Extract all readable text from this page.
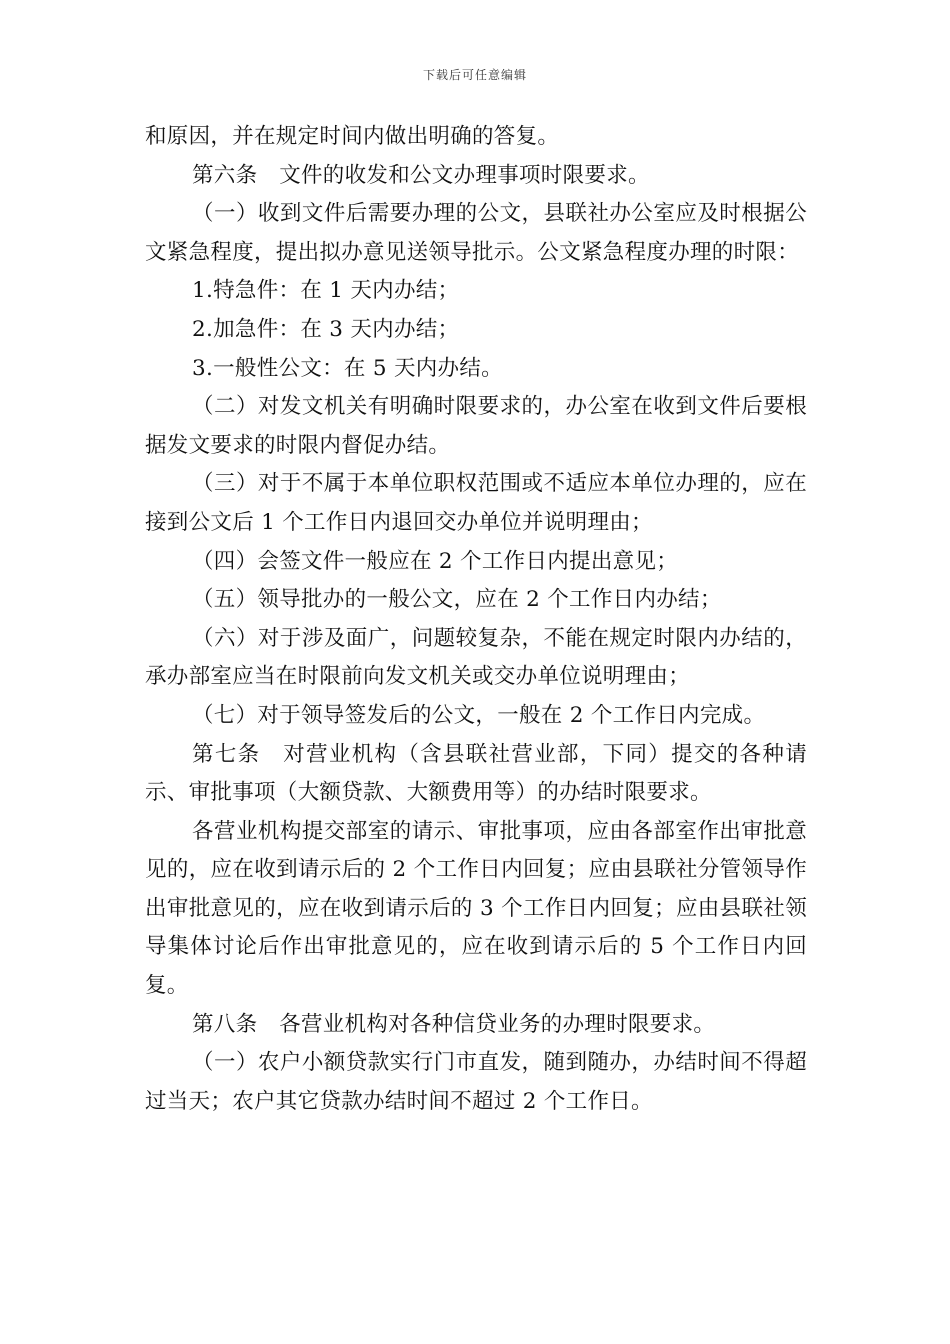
下载后可任意编辑

和原因，并在规定时间内做出明确的答复。

第六条　文件的收发和公文办理事项时限要求。

（一）收到文件后需要办理的公文，县联社办公室应及时根据公文紧急程度，提出拟办意见送领导批示。公文紧急程度办理的时限：

1.特急件：在 1 天内办结；

2.加急件：在 3 天内办结；

3.一般性公文：在 5 天内办结。

（二）对发文机关有明确时限要求的，办公室在收到文件后要根据发文要求的时限内督促办结。

（三）对于不属于本单位职权范围或不适应本单位办理的，应在接到公文后 1 个工作日内退回交办单位并说明理由；

（四）会签文件一般应在 2 个工作日内提出意见；

（五）领导批办的一般公文，应在 2 个工作日内办结；

（六）对于涉及面广，问题较复杂，不能在规定时限内办结的，承办部室应当在时限前向发文机关或交办单位说明理由；

（七）对于领导签发后的公文，一般在 2 个工作日内完成。

第七条　对营业机构（含县联社营业部，下同）提交的各种请示、审批事项（大额贷款、大额费用等）的办结时限要求。

各营业机构提交部室的请示、审批事项，应由各部室作出审批意见的，应在收到请示后的 2 个工作日内回复；应由县联社分管领导作出审批意见的，应在收到请示后的 3 个工作日内回复；应由县联社领导集体讨论后作出审批意见的，应在收到请示后的 5 个工作日内回复。

第八条　各营业机构对各种信贷业务的办理时限要求。

（一）农户小额贷款实行门市直发，随到随办，办结时间不得超过当天；农户其它贷款办结时间不超过 2 个工作日。
